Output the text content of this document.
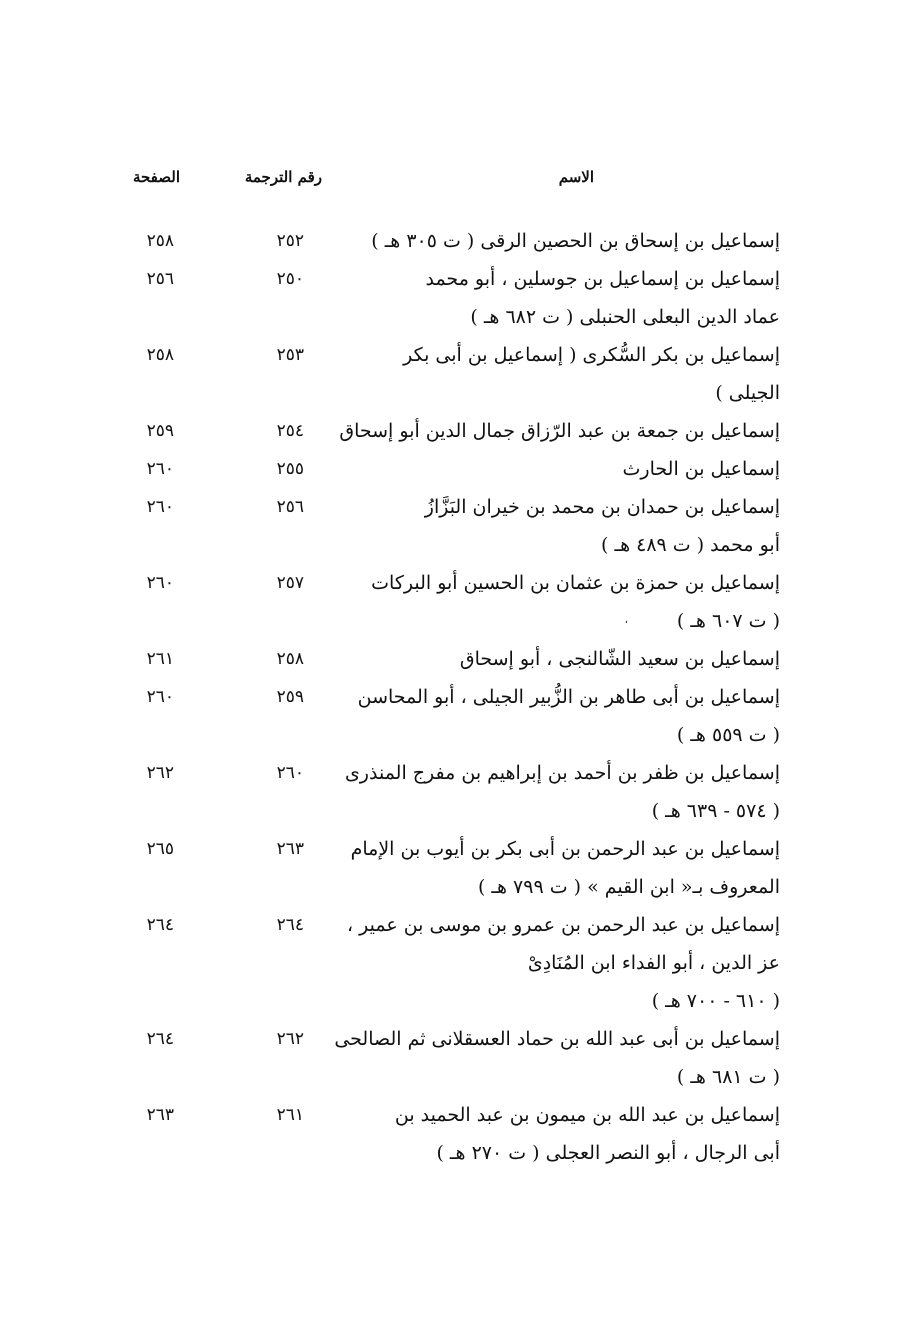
الاسم
رقم الترجمة
الصفحة
إسماعيل بن إسحاق بن الحصين الرقى ( ت ٣٠٥ هـ )
٢٥٢
٢٥٨
إسماعيل بن إسماعيل بن جوسلين ، أبو محمد
٢٥٠
٢٥٦
عماد الدين البعلى الحنبلى ( ت ٦٨٢ هـ )
إسماعيل بن بكر السُّكرى ( إسماعيل بن أبى بكر
٢٥٣
٢٥٨
الجيلى )
إسماعيل بن جمعة بن عبد الرّزاق جمال الدين أبو إسحاق
٢٥٤
٢٥٩
إسماعيل بن الحارث
٢٥٥
٢٦٠
إسماعيل بن حمدان بن محمد بن خيران البَزَّازُ
٢٥٦
٢٦٠
أبو محمد ( ت ٤٨٩ هـ )
إسماعيل بن حمزة بن عثمان بن الحسين أبو البركات
٢٥٧
٢٦٠
( ت ٦٠٧ هـ )
،
إسماعيل بن سعيد الشّالنجى ، أبو إسحاق
٢٥٨
٢٦١
إسماعيل بن أبى طاهر بن الزُّبير الجيلى ، أبو المحاسن
٢٥٩
٢٦٠
( ت ٥٥٩ هـ )
إسماعيل بن ظفر بن أحمد بن إبراهيم بن مفرج المنذرى
٢٦٠
٢٦٢
( ٥٧٤ - ٦٣٩ هـ )
إسماعيل بن عبد الرحمن بن أبى بكر بن أيوب بن الإمام
٢٦٣
٢٦٥
المعروف بـ« ابن القيم » ( ت ٧٩٩ هـ )
إسماعيل بن عبد الرحمن بن عمرو بن موسى بن عمير ،
٢٦٤
٢٦٤
عز الدين ، أبو الفداء ابن المُنَادِىْ
( ٦١٠ - ٧٠٠ هـ )
إسماعيل بن أبى عبد الله بن حماد العسقلانى ثم الصالحى
٢٦٢
٢٦٤
( ت ٦٨١ هـ )
إسماعيل بن عبد الله بن ميمون بن عبد الحميد بن
٢٦١
٢٦٣
أبى الرجال ، أبو النصر العجلى ( ت ٢٧٠ هـ )
